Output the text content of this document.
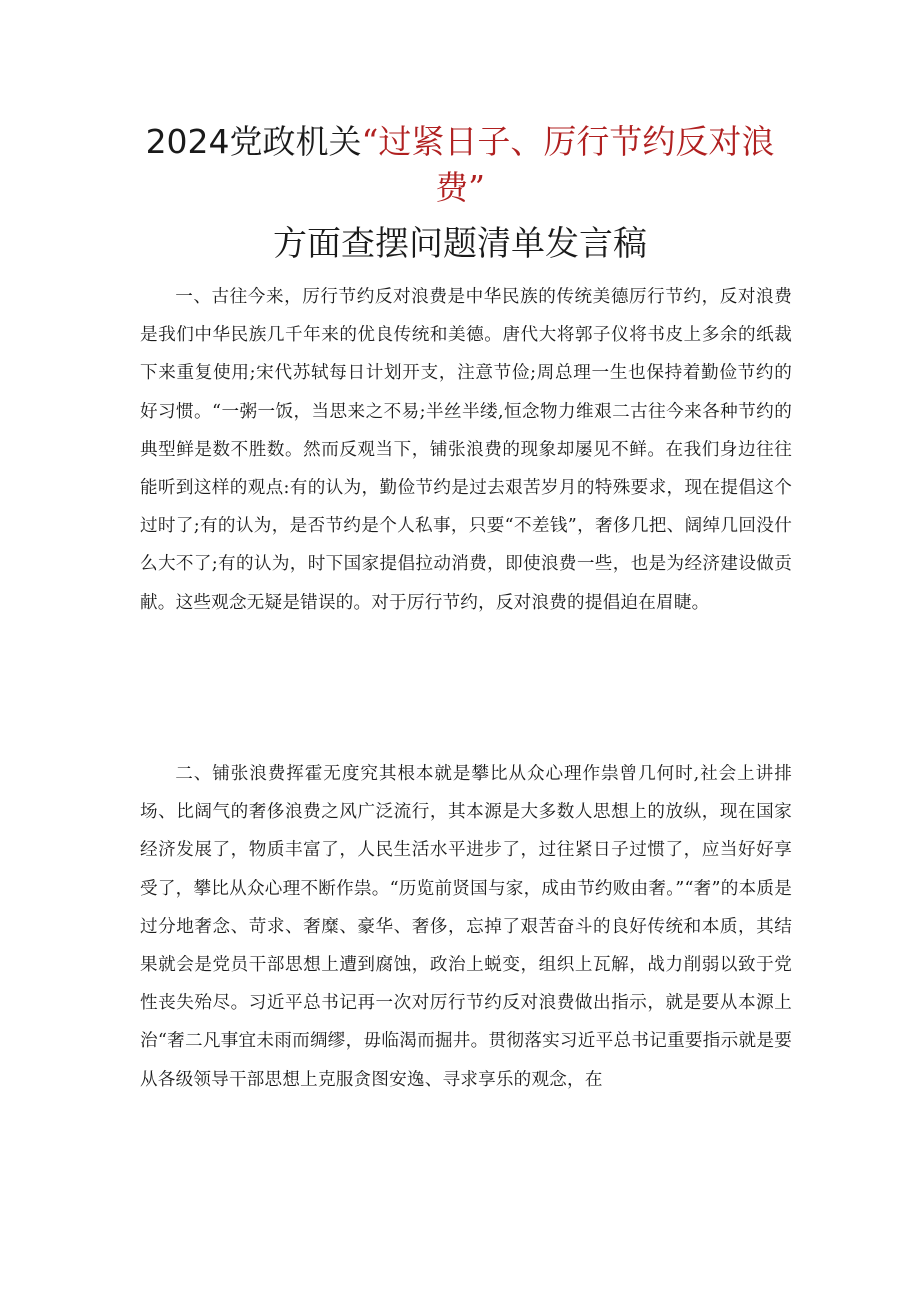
2024党政机关“过紧日子、厉行节约反对浪
费”
方面查摆问题清单发言稿

一、古往今来，厉行节约反对浪费是中华民族的传统美德厉行节约，反对浪费是我们中华民族几千年来的优良传统和美德。唐代大将郭子仪将书皮上多余的纸裁下来重复使用;宋代苏轼每日计划开支，注意节俭;周总理一生也保持着勤俭节约的好习惯。“一粥一饭，当思来之不易;半丝半缕,恒念物力维艰二古往今来各种节约的典型鲜是数不胜数。然而反观当下，铺张浪费的现象却屡见不鲜。在我们身边往往能听到这样的观点:有的认为，勤俭节约是过去艰苦岁月的特殊要求，现在提倡这个过时了;有的认为，是否节约是个人私事，只要“不差钱”，奢侈几把、阔绰几回没什么大不了;有的认为，时下国家提倡拉动消费，即使浪费一些，也是为经济建设做贡献。这些观念无疑是错误的。对于厉行节约，反对浪费的提倡迫在眉睫。

二、铺张浪费挥霍无度究其根本就是攀比从众心理作祟曾几何时,社会上讲排场、比阔气的奢侈浪费之风广泛流行，其本源是大多数人思想上的放纵，现在国家经济发展了，物质丰富了，人民生活水平进步了，过往紧日子过惯了，应当好好享受了，攀比从众心理不断作祟。“历览前贤国与家，成由节约败由奢。”“奢”的本质是过分地奢念、苛求、奢糜、豪华、奢侈，忘掉了艰苦奋斗的良好传统和本质，其结果就会是党员干部思想上遭到腐蚀，政治上蜕变，组织上瓦解，战力削弱以致于党性丧失殆尽。习近平总书记再一次对厉行节约反对浪费做出指示，就是要从本源上治“奢二凡事宜未雨而绸缪，毋临渴而掘井。贯彻落实习近平总书记重要指示就是要从各级领导干部思想上克服贪图安逸、寻求享乐的观念，在
